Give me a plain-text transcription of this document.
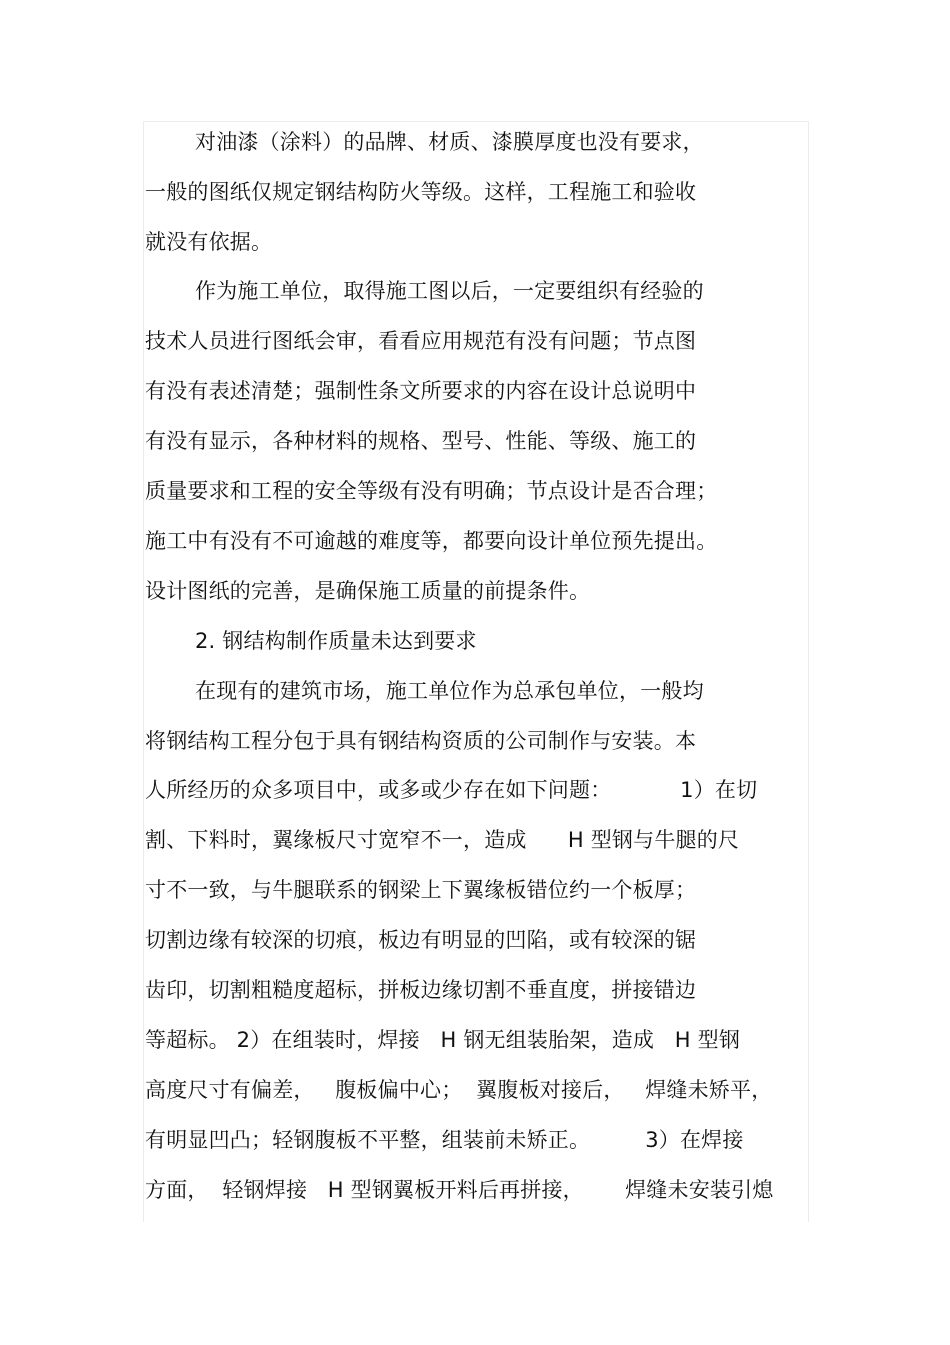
对油漆（涂料）的品牌、材质、漆膜厚度也没有要求，
一般的图纸仅规定钢结构防火等级。这样，工程施工和验收
就没有依据。
作为施工单位，取得施工图以后，一定要组织有经验的
技术人员进行图纸会审，看看应用规范有没有问题；节点图
有没有表述清楚；强制性条文所要求的内容在设计总说明中
有没有显示，各种材料的规格、型号、性能、等级、施工的
质量要求和工程的安全等级有没有明确；节点设计是否合理；
施工中有没有不可逾越的难度等，都要向设计单位预先提出。
设计图纸的完善，是确保施工质量的前提条件。
2. 钢结构制作质量未达到要求
在现有的建筑市场，施工单位作为总承包单位，一般均
将钢结构工程分包于具有钢结构资质的公司制作与安装。本
人所经历的众多项目中，或多或少存在如下问题：          1）在切
割、下料时，翼缘板尺寸宽窄不一，造成      H 型钢与牛腿的尺
寸不一致，与牛腿联系的钢梁上下翼缘板错位约一个板厚；
切割边缘有较深的切痕，板边有明显的凹陷，或有较深的锯
齿印，切割粗糙度超标，拼板边缘切割不垂直度，拼接错边
等超标。 2）在组装时，焊接   H 钢无组装胎架，造成   H 型钢
高度尺寸有偏差，   腹板偏中心；  翼腹板对接后，   焊缝未矫平，
有明显凹凸；轻钢腹板不平整，组装前未矫正。        3）在焊接
方面，  轻钢焊接   H 型钢翼板开料后再拼接，      焊缝未安装引熄
